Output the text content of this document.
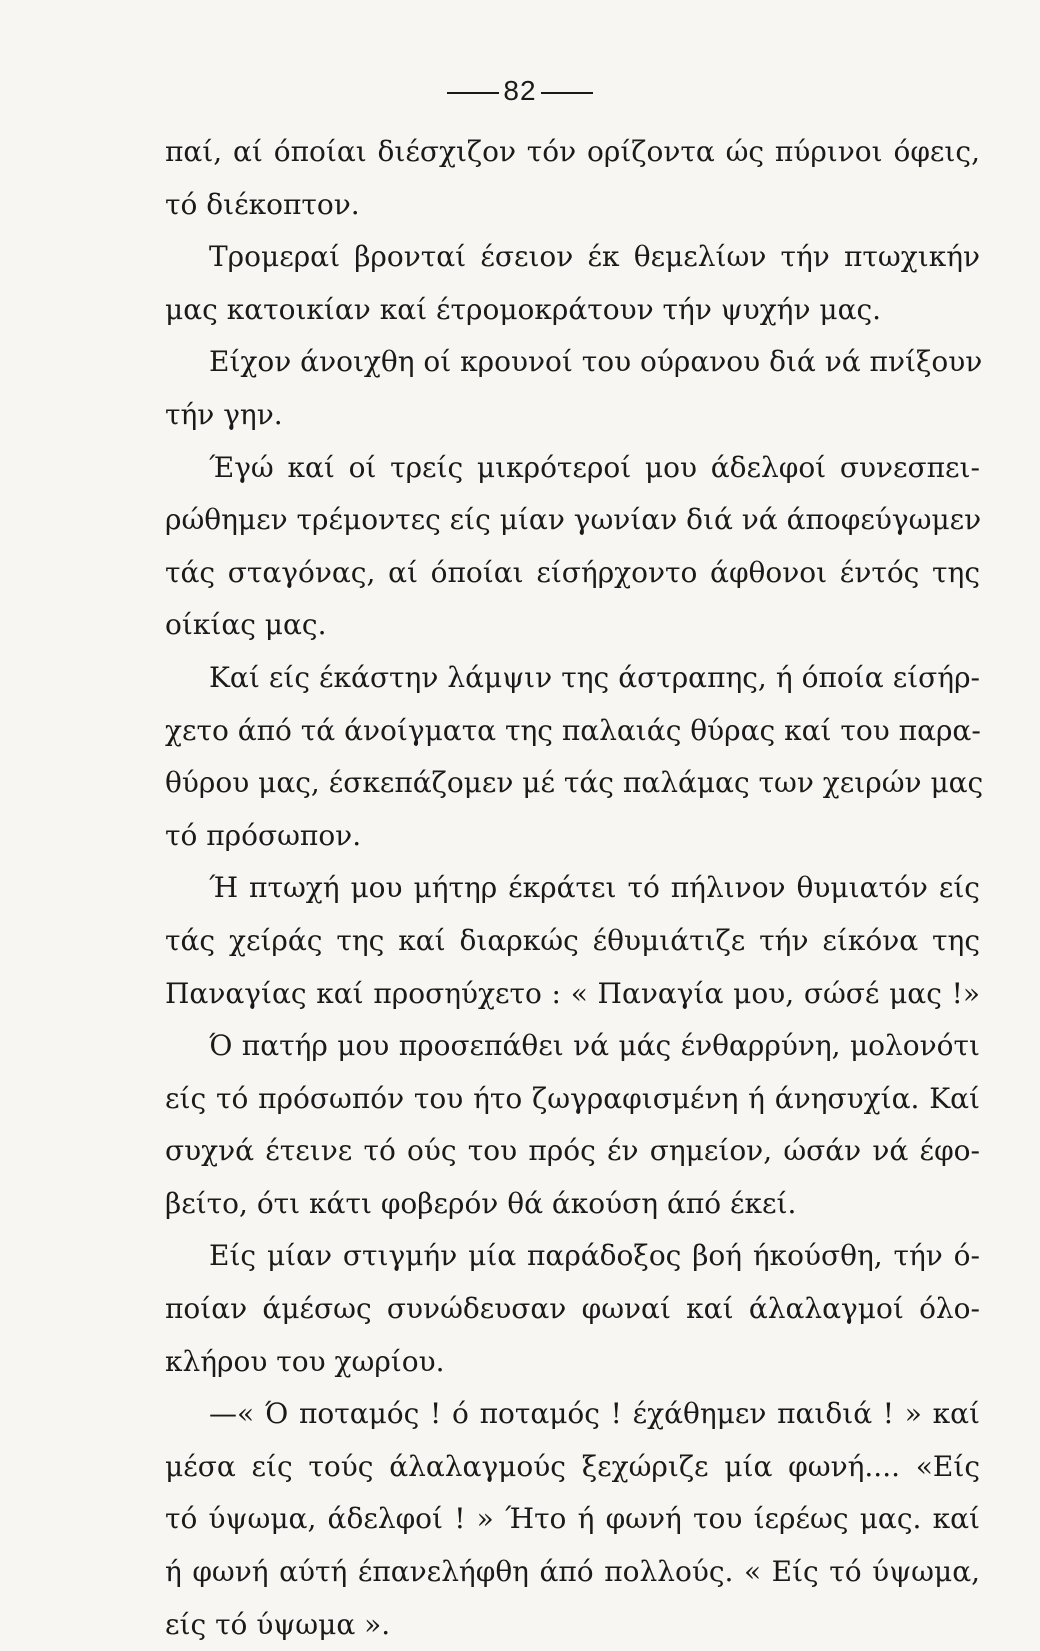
82
παί, αί όποίαι διέσχιζον τόν ορίζοντα ώς πύρινοι όφεις,
τό διέκοπτον.
Τρομεραί βρονταί έσειον έκ θεμελίων τήν πτωχικήν
μας κατοικίαν καί έτρομοκράτουν τήν ψυχήν μας.
Είχον άνοιχθη οί κρουνοί του ούρανου διά νά πνίξουν
τήν γην.
Έγώ καί οί τρείς μικρότεροί μου άδελφοί συνεσπει-
ρώθημεν τρέμοντες είς μίαν γωνίαν διά νά άποφεύγωμεν
τάς σταγόνας, αί όποίαι είσήρχοντο άφθονοι έντός της
οίκίας μας.
Καί είς έκάστην λάμψιν της άστραπης, ή όποία είσήρ-
χετο άπό τά άνοίγματα της παλαιάς θύρας καί του παρα-
θύρου μας, έσκεπάζομεν μέ τάς παλάμας των χειρών μας
τό πρόσωπον.
Ή πτωχή μου μήτηρ έκράτει τό πήλινον θυμιατόν είς
τάς χείράς της καί διαρκώς έθυμιάτιζε τήν είκόνα της
Παναγίας καί προσηύχετο : « Παναγία μου, σώσέ μας !»
Ό πατήρ μου προσεπάθει νά μάς ένθαρρύνη, μολονότι
είς τό πρόσωπόν του ήτο ζωγραφισμένη ή άνησυχία. Καί
συχνά έτεινε τό ούς του πρός έν σημείον, ώσάν νά έφο-
βείτο, ότι κάτι φοβερόν θά άκούση άπό έκεί.
Είς μίαν στιγμήν μία παράδοξος βοή ήκούσθη, τήν ό-
ποίαν άμέσως συνώδευσαν φωναί καί άλαλαγμοί όλο-
κλήρου του χωρίου.
—« Ό ποταμός ! ό ποταμός ! έχάθημεν παιδιά ! » καί
μέσα είς τούς άλαλαγμούς ξεχώριζε μία φωνή.... «Είς
τό ύψωμα, άδελφοί ! » Ήτο ή φωνή του ίερέως μας. καί
ή φωνή αύτή έπανελήφθη άπό πολλούς. « Είς τό ύψωμα,
είς τό ύψωμα ».
